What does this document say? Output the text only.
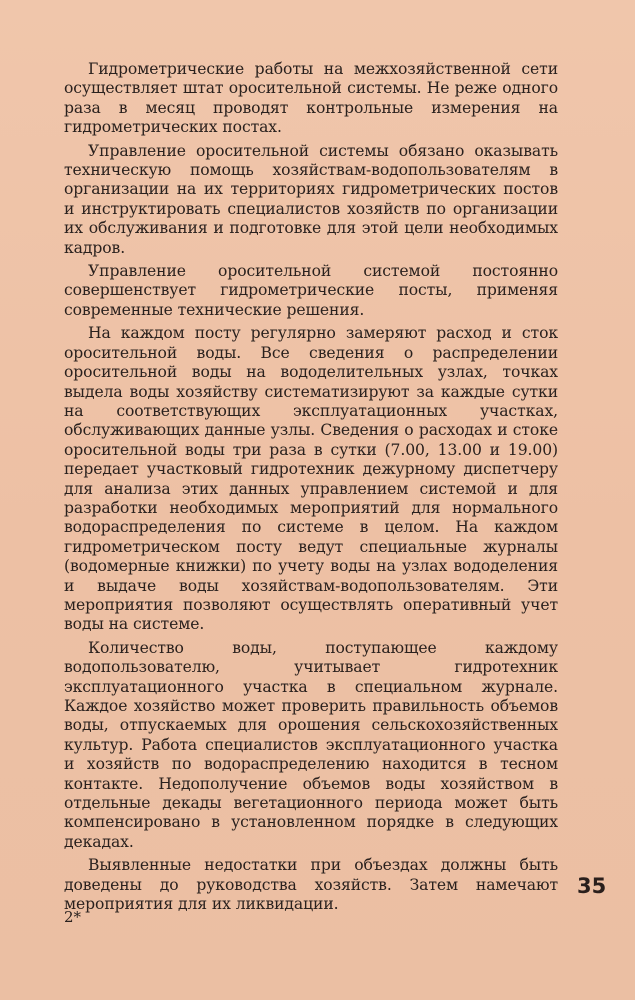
Гидрометрические работы на межхозяйственной сети осуществляет штат оросительной системы. Не реже одного раза в месяц проводят контрольные измерения на гидрометрических постах.

Управление оросительной системы обязано оказывать техническую помощь хозяйствам-водопользователям в организации на их территориях гидрометрических постов и инструктировать специалистов хозяйств по организации их обслуживания и подготовке для этой цели необходимых кадров.

Управление оросительной системой постоянно совершенствует гидрометрические посты, применяя современные технические решения.

На каждом посту регулярно замеряют расход и сток оросительной воды. Все сведения о распределении оросительной воды на вододелительных узлах, точках выдела воды хозяйству систематизируют за каждые сутки на соответствующих эксплуатационных участках, обслуживающих данные узлы. Сведения о расходах и стоке оросительной воды три раза в сутки (7.00, 13.00 и 19.00) передает участковый гидротехник дежурному диспетчеру для анализа этих данных управлением системой и для разработки необходимых мероприятий для нормального водораспределения по системе в целом. На каждом гидрометрическом посту ведут специальные журналы (водомерные книжки) по учету воды на узлах вододеления и выдаче воды хозяйствам-водопользователям. Эти мероприятия позволяют осуществлять оперативный учет воды на системе.

Количество воды, поступающее каждому водопользователю, учитывает гидротехник эксплуатационного участка в специальном журнале. Каждое хозяйство может проверить правильность объемов воды, отпускаемых для орошения сельскохозяйственных культур. Работа специалистов эксплуатационного участка и хозяйств по водораспределению находится в тесном контакте. Недополучение объемов воды хозяйством в отдельные декады вегетационного периода может быть компенсировано в установленном порядке в следующих декадах.

Выявленные недостатки при объездах должны быть доведены до руководства хозяйств. Затем намечают мероприятия для их ликвидации.

35
2*
